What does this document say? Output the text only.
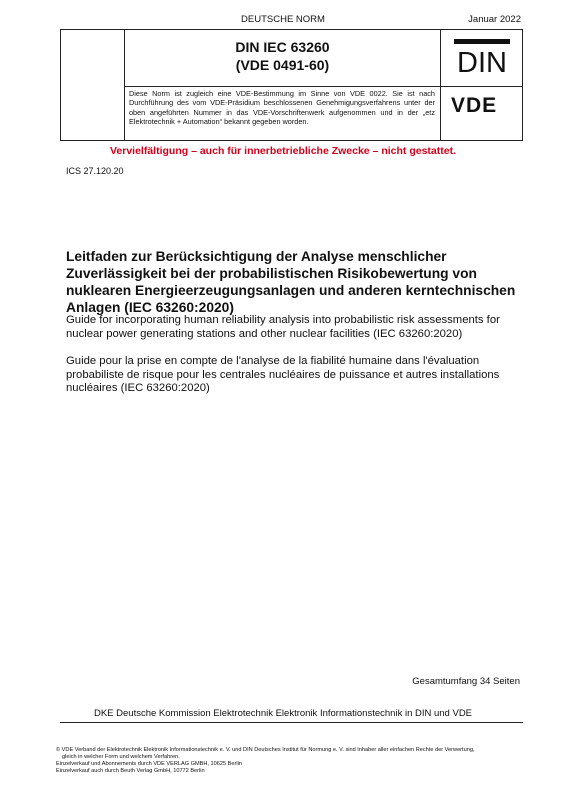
DEUTSCHE NORM	Januar 2022
DIN IEC 63260
(VDE 0491-60)
Diese Norm ist zugleich eine VDE-Bestimmung im Sinne von VDE 0022. Sie ist nach Durchführung des vom VDE-Präsidium beschlossenen Genehmigungsverfahrens unter der oben angeführten Nummer in das VDE-Vorschriftenwerk aufgenommen und in der „etz Elektrotechnik + Automation“ bekannt gegeben worden.
DIN
VDE
Vervielfältigung – auch für innerbetriebliche Zwecke – nicht gestattet.
ICS 27.120.20
Leitfaden zur Berücksichtigung der Analyse menschlicher Zuverlässigkeit bei der probabilistischen Risikobewertung von nuklearen Energieerzeugungsanlagen und anderen kerntechnischen Anlagen (IEC 63260:2020)
Guide for incorporating human reliability analysis into probabilistic risk assessments for nuclear power generating stations and other nuclear facilities (IEC 63260:2020)
Guide pour la prise en compte de l'analyse de la fiabilité humaine dans l'évaluation probabiliste de risque pour les centrales nucléaires de puissance et autres installations nucléaires (IEC 63260:2020)
Gesamtumfang 34 Seiten
DKE Deutsche Kommission Elektrotechnik Elektronik Informationstechnik in DIN und VDE
© VDE Verband der Elektrotechnik Elektronik Informationstechnik e. V. und DIN Deutsches Institut für Normung e. V. sind Inhaber aller einfachen Rechte der Verwertung,
gleich in welcher Form und welchem Verfahren.
Einzelverkauf und Abonnements durch VDE VERLAG GMBH, 10625 Berlin
Einzelverkauf auch durch Beuth Verlag GmbH, 10772 Berlin
